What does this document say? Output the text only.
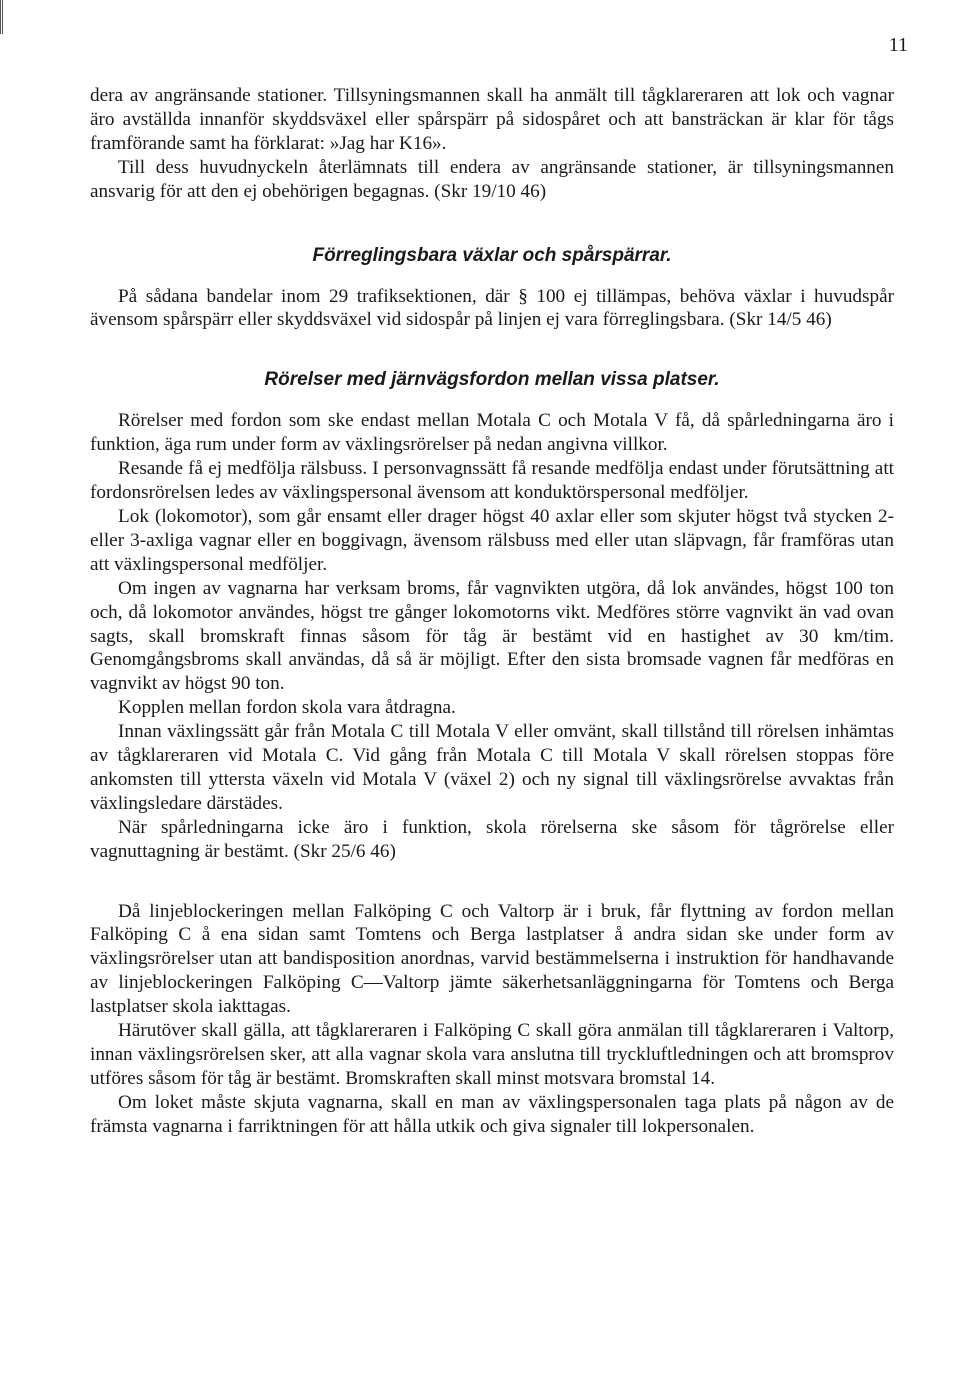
11

dera av angränsande stationer. Tillsyningsmannen skall ha anmält till tågklareraren att lok och vagnar äro avställda innanför skyddsväxel eller spårspärr på sidospåret och att bansträckan är klar för tågs framförande samt ha förklarat: »Jag har K16».

Till dess huvudnyckeln återlämnats till endera av angränsande stationer, är tillsyningsmannen ansvarig för att den ej obehörigen begagnas. (Skr 19/10 46)

Förreglingsbara växlar och spårspärrar.

På sådana bandelar inom 29 trafiksektionen, där § 100 ej tillämpas, behöva växlar i huvudspår ävensom spårspärr eller skyddsväxel vid sidospår på linjen ej vara förreglingsbara. (Skr 14/5 46)

Rörelser med järnvägsfordon mellan vissa platser.

Rörelser med fordon som ske endast mellan Motala C och Motala V få, då spårledningarna äro i funktion, äga rum under form av växlingsrörelser på nedan angivna villkor.

Resande få ej medfölja rälsbuss. I personvagnssätt få resande medfölja endast under förutsättning att fordonsrörelsen ledes av växlingspersonal ävensom att konduktörspersonal medföljer.

Lok (lokomotor), som går ensamt eller drager högst 40 axlar eller som skjuter högst två stycken 2- eller 3-axliga vagnar eller en boggivagn, ävensom rälsbuss med eller utan släpvagn, får framföras utan att växlingspersonal medföljer.

Om ingen av vagnarna har verksam broms, får vagnvikten utgöra, då lok användes, högst 100 ton och, då lokomotor användes, högst tre gånger lokomotorns vikt. Medföres större vagnvikt än vad ovan sagts, skall bromskraft finnas såsom för tåg är bestämt vid en hastighet av 30 km/tim. Genomgångsbroms skall användas, då så är möjligt. Efter den sista bromsade vagnen får medföras en vagnvikt av högst 90 ton.

Kopplen mellan fordon skola vara åtdragna.

Innan växlingssätt går från Motala C till Motala V eller omvänt, skall tillstånd till rörelsen inhämtas av tågklareraren vid Motala C. Vid gång från Motala C till Motala V skall rörelsen stoppas före ankomsten till yttersta växeln vid Motala V (växel 2) och ny signal till växlingsrörelse avvaktas från växlingsledare därstädes.

När spårledningarna icke äro i funktion, skola rörelserna ske såsom för tågrörelse eller vagnuttagning är bestämt. (Skr 25/6 46)

Då linjeblockeringen mellan Falköping C och Valtorp är i bruk, får flyttning av fordon mellan Falköping C å ena sidan samt Tomtens och Berga lastplatser å andra sidan ske under form av växlingsrörelser utan att bandisposition anordnas, varvid bestämmelserna i instruktion för handhavande av linjeblockeringen Falköping C—Valtorp jämte säkerhetsanläggningarna för Tomtens och Berga lastplatser skola iakttagas.

Härutöver skall gälla, att tågklareraren i Falköping C skall göra anmälan till tågklareraren i Valtorp, innan växlingsrörelsen sker, att alla vagnar skola vara anslutna till tryckluftledningen och att bromsprov utföres såsom för tåg är bestämt. Bromskraften skall minst motsvara bromstal 14.

Om loket måste skjuta vagnarna, skall en man av växlingspersonalen taga plats på någon av de främsta vagnarna i farriktningen för att hålla utkik och giva signaler till lokpersonalen.
